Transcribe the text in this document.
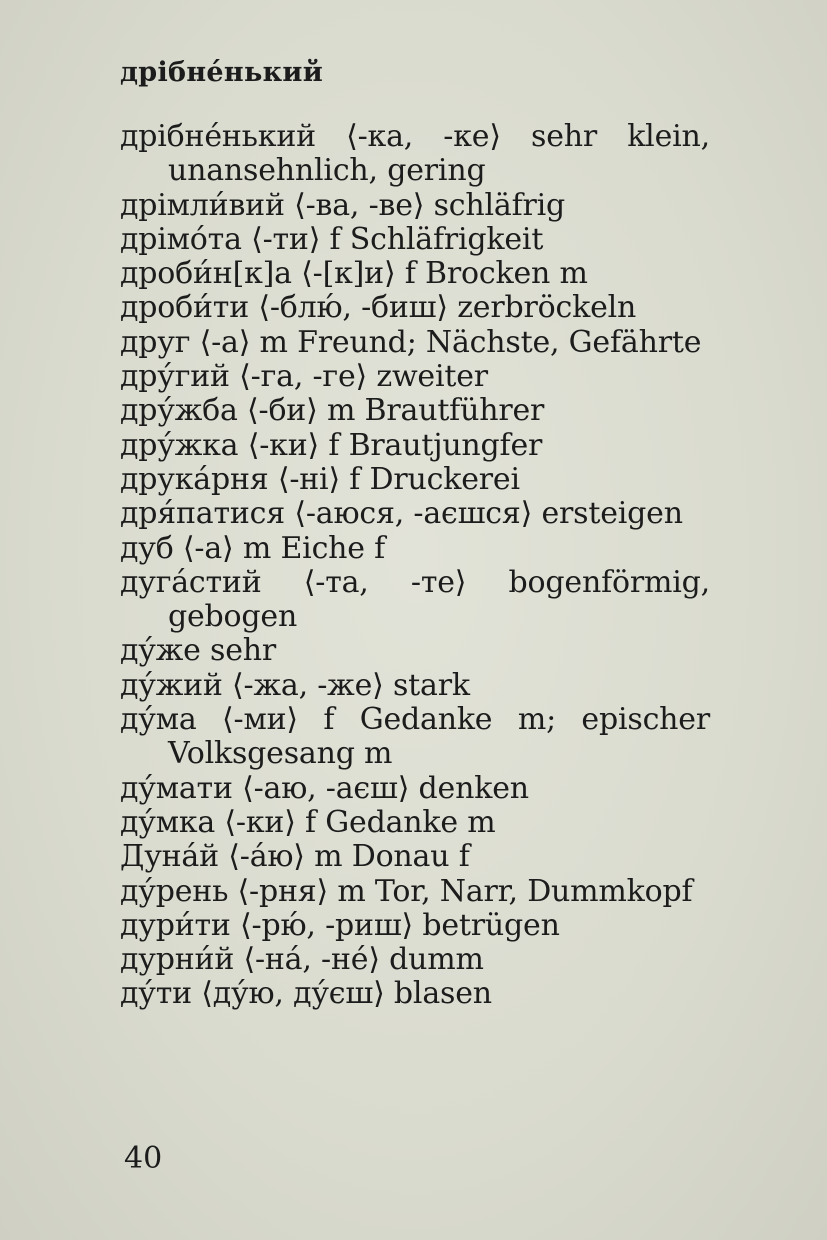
дрібне́нький

дрібне́нький ⟨-ка, -ке⟩ sehr klein, unansehnlich, gering

дрімли́вий ⟨-ва, -ве⟩ schläfrig

дрімо́та ⟨-ти⟩ f Schläfrigkeit

дроби́н[к]а ⟨-[к]и⟩ f Brocken m

дроби́ти ⟨-блю́, -биш⟩ zerbröckeln

друг ⟨-а⟩ m Freund; Nächste, Gefährte

дру́гий ⟨-га, -ге⟩ zweiter

дру́жба ⟨-би⟩ m Brautführer

дру́жка ⟨-ки⟩ f Brautjungfer

друка́рня ⟨-ні⟩ f Druckerei

дря́патися ⟨-аюся, -аєшся⟩ ersteigen

дуб ⟨-а⟩ m Eiche f

дуга́стий ⟨-та, -те⟩ bogenförmig, gebogen

ду́же sehr

ду́жий ⟨-жа, -же⟩ stark

ду́ма ⟨-ми⟩ f Gedanke m; epischer Volksgesang m

ду́мати ⟨-аю, -аєш⟩ denken

ду́мка ⟨-ки⟩ f Gedanke m

Дуна́й ⟨-а́ю⟩ m Donau f

ду́рень ⟨-рня⟩ m Tor, Narr, Dummkopf

дури́ти ⟨-рю́, -риш⟩ betrügen

дурни́й ⟨-на́, -не́⟩ dumm

ду́ти ⟨ду́ю, ду́єш⟩ blasen

40
